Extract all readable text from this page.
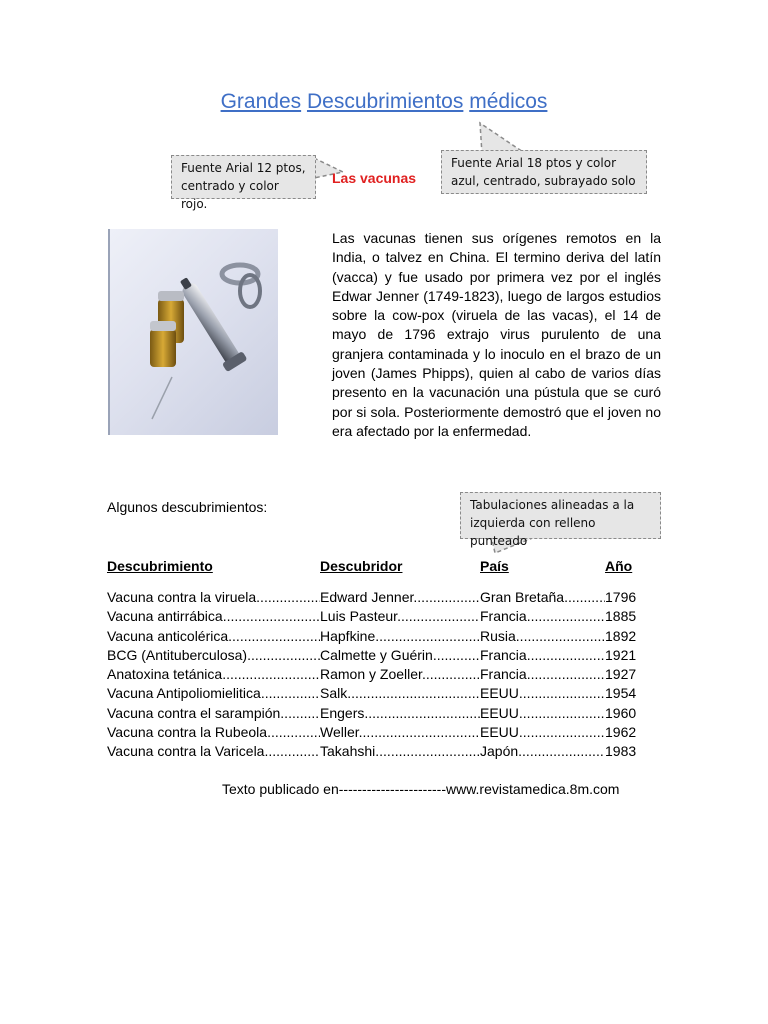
Grandes Descubrimientos médicos
Fuente Arial 12 ptos, centrado y color rojo.
Fuente Arial 18 ptos y color azul, centrado, subrayado solo
Tabulaciones alineadas a la izquierda con relleno punteado
Las vacunas
Las vacunas tienen sus orígenes remotos en la India, o talvez en China. El termino deriva del latín (vacca) y fue usado por primera vez por el inglés Edwar Jenner (1749-1823), luego de largos estudios sobre la cow-pox (viruela de las vacas), el 14 de mayo de 1796 extrajo virus purulento de una granjera contaminada y lo inoculo en el brazo de un joven (James Phipps), quien al cabo de varios días presento en la vacunación una pústula que se curó por si sola. Posteriormente demostró que el joven no era afectado por la enfermedad.
Algunos descubrimientos:
Descubrimiento	Descubridor	País	Año
Vacuna contra la viruela .....	Edward Jenner .....	Gran Bretaña .....	1796
Vacuna antirrábica .....	Luis Pasteur .....	Francia .....	1885
Vacuna anticolérica .....	Hapfkine .....	Rusia .....	1892
BCG (Antituberculosa) .....	Calmette y Guérin .....	Francia .....	1921
Anatoxina tetánica .....	Ramon y Zoeller .....	Francia .....	1927
Vacuna Antipoliomielitica .....	Salk .....	EEUU .....	1954
Vacuna contra el sarampión .....	Engers .....	EEUU .....	1960
Vacuna contra la Rubeola .....	Weller .....	EEUU .....	1962
Vacuna contra la Varicela .....	Takahshi .....	Japón .....	1983
Texto publicado en-----------------------www.revistamedica.8m.com
